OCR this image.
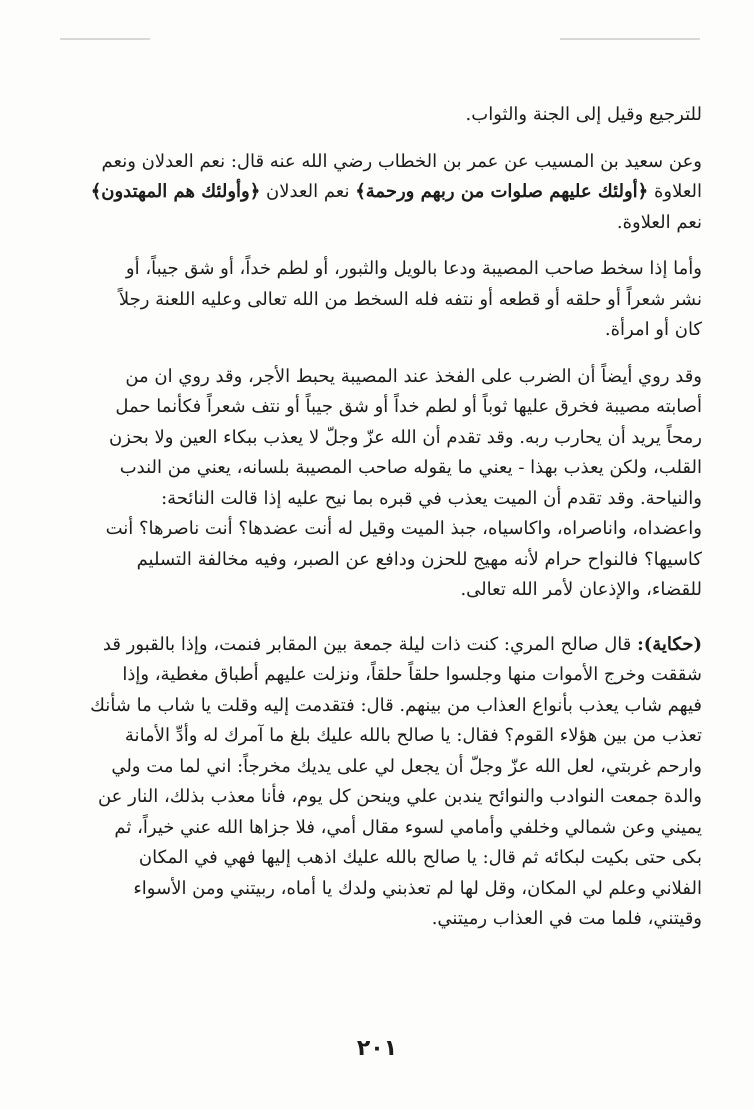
للترجيع وقيل إلى الجنة والثواب.

وعن سعيد بن المسيب عن عمر بن الخطاب رضي الله عنه قال: نعم العدلان ونعم العلاوة ﴿أولئك عليهم صلوات من ربهم ورحمة﴾ نعم العدلان ﴿وأولئك هم المهتدون﴾ نعم العلاوة.

وأما إذا سخط صاحب المصيبة ودعا بالويل والثبور، أو لطم خداً، أو شق جيباً، أو نشر شعراً أو حلقه أو قطعه أو نتفه فله السخط من الله تعالى وعليه اللعنة رجلاً كان أو امرأة.

وقد روي أيضاً أن الضرب على الفخذ عند المصيبة يحبط الأجر، وقد روي ان من أصابته مصيبة فخرق عليها ثوباً أو لطم خداً أو شق جيباً أو نتف شعراً فكأنما حمل رمحاً يريد أن يحارب ربه. وقد تقدم أن الله عزّ وجلّ لا يعذب ببكاء العين ولا بحزن القلب، ولكن يعذب بهذا - يعني ما يقوله صاحب المصيبة بلسانه، يعني من الندب والنياحة. وقد تقدم أن الميت يعذب في قبره بما نيح عليه إذا قالت النائحة: واعضداه، واناصراه، واكاسياه، جبذ الميت وقيل له أنت عضدها؟ أنت ناصرها؟ أنت كاسيها؟ فالنواح حرام لأنه مهيج للحزن ودافع عن الصبر، وفيه مخالفة التسليم للقضاء، والإذعان لأمر الله تعالى.

(حكاية): قال صالح المري: كنت ذات ليلة جمعة بين المقابر فنمت، وإذا بالقبور قد شققت وخرج الأموات منها وجلسوا حلقاً حلقاً، ونزلت عليهم أطباق مغطية، وإذا فيهم شاب يعذب بأنواع العذاب من بينهم. قال: فتقدمت إليه وقلت يا شاب ما شأنك تعذب من بين هؤلاء القوم؟ فقال: يا صالح بالله عليك بلغ ما آمرك له وأدِّ الأمانة وارحم غربتي، لعل الله عزّ وجلّ أن يجعل لي على يديك مخرجاً: اني لما مت ولي والدة جمعت النوادب والنوائح يندبن علي وينحن كل يوم، فأنا معذب بذلك، النار عن يميني وعن شمالي وخلفي وأمامي لسوء مقال أمي، فلا جزاها الله عني خيراً، ثم بكى حتى بكيت لبكائه ثم قال: يا صالح بالله عليك اذهب إليها فهي في المكان الفلاني وعلم لي المكان، وقل لها لم تعذبني ولدك يا أماه، ربيتني ومن الأسواء وقيتني، فلما مت في العذاب رميتني.

٢٠١
